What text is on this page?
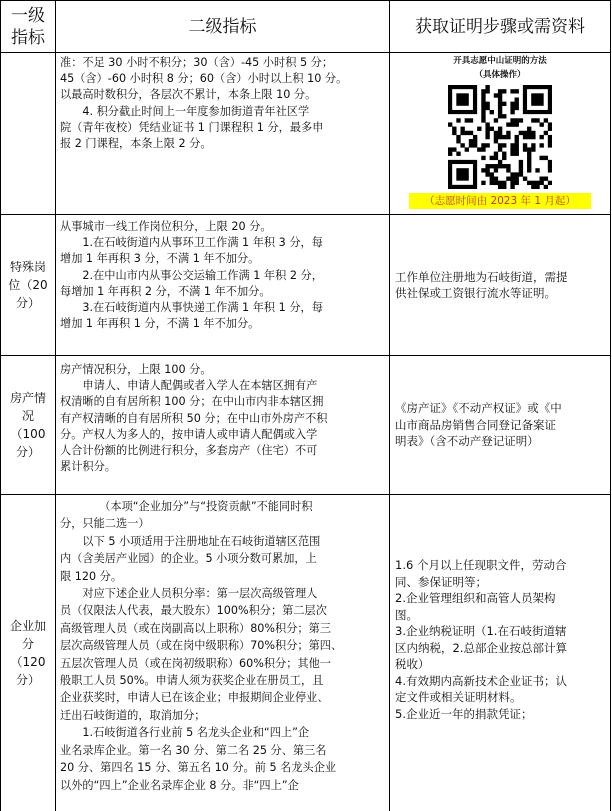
一级指标
二级指标	获取证明步骤或需资料

准：不足 30 小时不积分；30（含）-45 小时积 5 分；

45（含）-60 小时积 8 分；60（含）小时以上积 10 分。

以最高时数积分，各层次不累计，本条上限 10 分。

4. 积分截止时间上一年度参加街道青年社区学

院（青年夜校）凭结业证书 1 门课程积 1 分，最多申

报 2 门课程，本条上限 2 分。

开具志愿中山证明的方法
（具体操作）
（志愿时间由 2023 年 1 月起）
特殊岗
位（20
分）

从事城市一线工作岗位积分，上限 20 分。

1.在石岐街道内从事环卫工作满 1 年积 3 分，每

增加 1 年再积 3 分，不满 1 年不加分。

2.在中山市内从事公交运输工作满 1 年积 2 分，

每增加 1 年再积 2 分，不满 1 年不加分。

3.在石岐街道内从事快递工作满 1 年积 1 分，每

增加 1 年再积 1 分，不满 1 年不加分。

工作单位注册地为石岐街道，需提
供社保或工资银行流水等证明。
房产情
况（100
分）

房产情况积分，上限 100 分。

申请人、申请人配偶或者入学人在本辖区拥有产

权清晰的自有居所积 100 分；在中山市内非本辖区拥

有产权清晰的自有居所积 50 分；在中山市外房产不积

分。产权人为多人的，按申请人或申请人配偶或入学

人合计份额的比例进行积分，多套房产（住宅）不可

累计积分。

《房产证》《不动产权证》或《中
山市商品房销售合同登记备案证
明表》（含不动产登记证明）
企业加
分
（120
分）

（本项“企业加分”与“投资贡献”不能同时积

分，只能二选一）

以下 5 小项适用于注册地址在石岐街道辖区范围

内（含美居产业园）的企业。5 小项分数可累加，上

限 120 分。

对应下述企业人员积分率：第一层次高级管理人

员（仅限法人代表，最大股东）100%积分；第二层次

高级管理人员（或在岗副高以上职称）80%积分；第三

层次高级管理人员（或在岗中级职称）70%积分；第四、

五层次管理人员（或在岗初级职称）60%积分；其他一

般职工人员 50%。申请人须为获奖企业在册员工，且

企业获奖时，申请人已在该企业；申报期间企业停业、

迁出石岐街道的，取消加分；

1.石岐街道各行业前 5 名龙头企业和“四上”企

业名录库企业。第一名 30 分、第二名 25 分、第三名

20 分、第四名 15 分、第五名 10 分。前 5 名龙头企业

以外的“四上”企业名录库企业 8 分。非“四上”企

1.6 个月以上任现职文件，劳动合
同、参保证明等；
2.企业管理组织和高管人员架构
图。
3.企业纳税证明（1.在石岐街道辖
区内纳税，2.总部企业按总部计算
税收）
4.有效期内高新技术企业证书；认
定文件或相关证明材料。
5.企业近一年的捐款凭证；
